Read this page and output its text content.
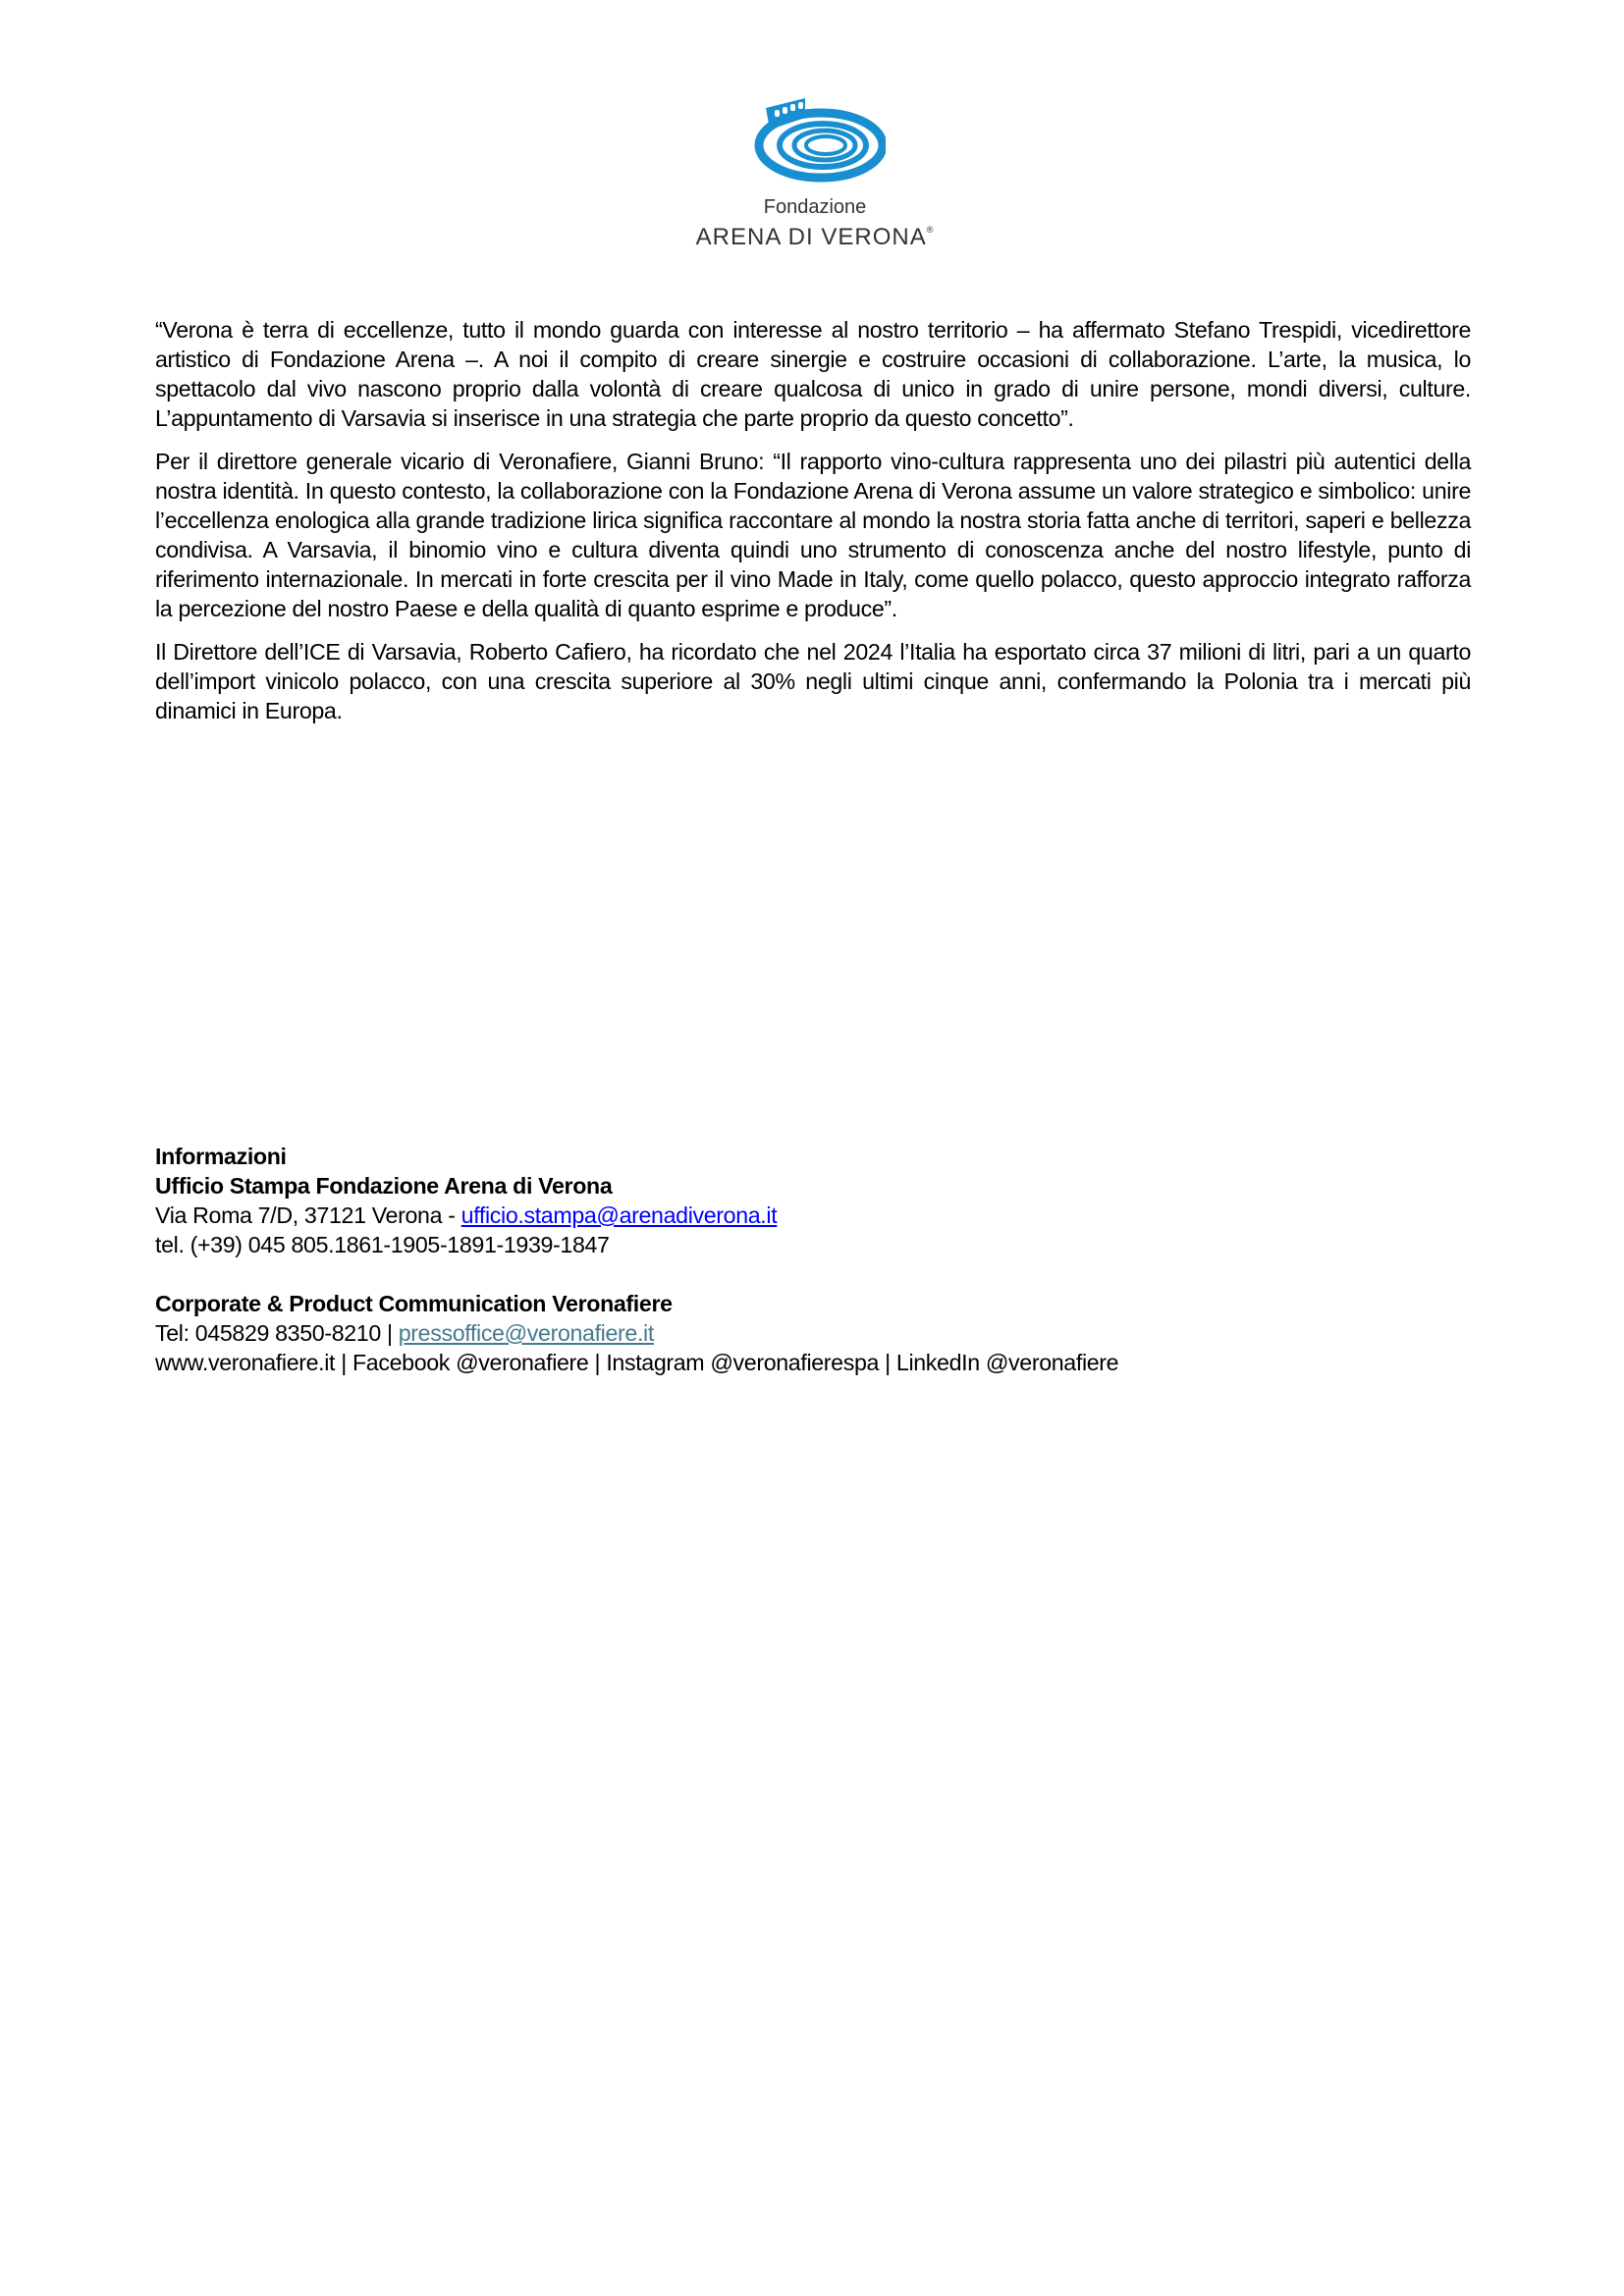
Fondazione
ARENA DI VERONA®

“Verona è terra di eccellenze, tutto il mondo guarda con interesse al nostro territorio – ha affermato Stefano Trespidi, vicedirettore artistico di Fondazione Arena –. A noi il compito di creare sinergie e costruire occasioni di collaborazione. L’arte, la musica, lo spettacolo dal vivo nascono proprio dalla volontà di creare qualcosa di unico in grado di unire persone, mondi diversi, culture. L’appuntamento di Varsavia si inserisce in una strategia che parte proprio da questo concetto”.

Per il direttore generale vicario di Veronafiere, Gianni Bruno: “Il rapporto vino-cultura rappresenta uno dei pilastri più autentici della nostra identità. In questo contesto, la collaborazione con la Fondazione Arena di Verona assume un valore strategico e simbolico: unire l’eccellenza enologica alla grande tradizione lirica significa raccontare al mondo la nostra storia fatta anche di territori, saperi e bellezza condivisa. A Varsavia, il binomio vino e cultura diventa quindi uno strumento di conoscenza anche del nostro lifestyle, punto di riferimento internazionale. In mercati in forte crescita per il vino Made in Italy, come quello polacco, questo approccio integrato rafforza la percezione del nostro Paese e della qualità di quanto esprime e produce”.

Il Direttore dell’ICE di Varsavia, Roberto Cafiero, ha ricordato che nel 2024 l’Italia ha esportato circa 37 milioni di litri, pari a un quarto dell’import vinicolo polacco, con una crescita superiore al 30% negli ultimi cinque anni, confermando la Polonia tra i mercati più dinamici in Europa.

Informazioni
Ufficio Stampa Fondazione Arena di Verona
Via Roma 7/D, 37121 Verona - ufficio.stampa@arenadiverona.it
tel. (+39) 045 805.1861-1905-1891-1939-1847
Corporate & Product Communication Veronafiere
Tel: 045829 8350-8210 | pressoffice@veronafiere.it
www.veronafiere.it | Facebook @veronafiere | Instagram @veronafierespa | LinkedIn @veronafiere
